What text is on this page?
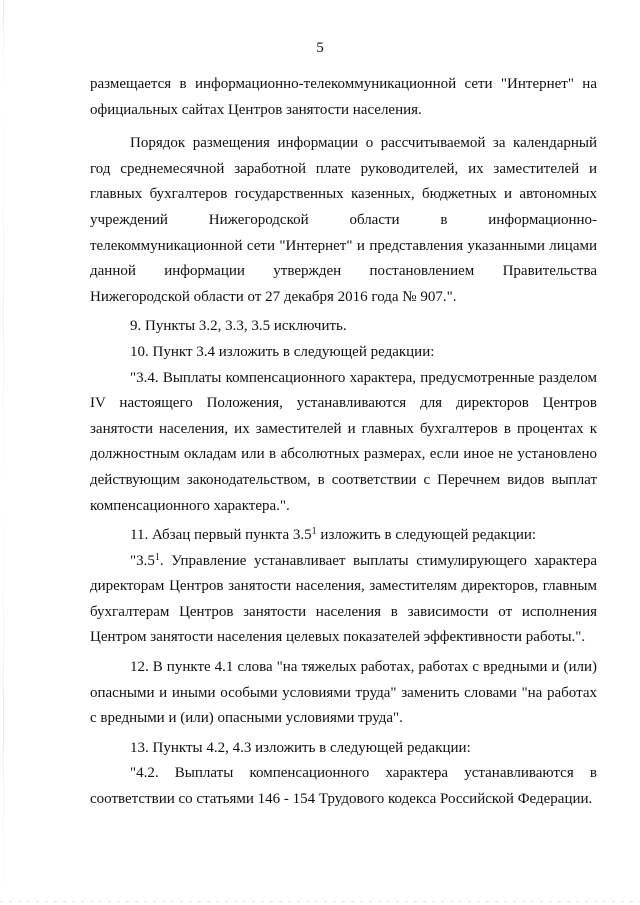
5

размещается в информационно-телекоммуникационной сети "Интернет" на
официальных сайтах Центров занятости населения.

Порядок размещения информации о рассчитываемой за календарный год среднемесячной заработной плате руководителей, их заместителей и главных бухгалтеров государственных казенных, бюджетных и автономных учреждений Нижегородской области в информационно-телекоммуникационной сети "Интернет" и представления указанными лицами данной информации утвержден постановлением Правительства Нижегородской области от 27 декабря 2016 года № 907.".

9. Пункты 3.2, 3.3, 3.5 исключить.

10. Пункт 3.4 изложить в следующей редакции:

"3.4. Выплаты компенсационного характера, предусмотренные разделом IV настоящего Положения, устанавливаются для директоров Центров занятости населения, их заместителей и главных бухгалтеров в процентах к должностным окладам или в абсолютных размерах, если иное не установлено действующим законодательством, в соответствии с Перечнем видов выплат компенсационного характера.".

11. Абзац первый пункта $3.5^1$ изложить в следующей редакции:

"$3.5^1$. Управление устанавливает выплаты стимулирующего характера директорам Центров занятости населения, заместителям директоров, главным бухгалтерам Центров занятости населения в зависимости от исполнения Центром занятости населения целевых показателей эффективности работы.".

12. В пункте 4.1 слова "на тяжелых работах, работах с вредными и (или) опасными и иными особыми условиями труда" заменить словами "на работах с вредными и (или) опасными условиями труда".

13. Пункты 4.2, 4.3 изложить в следующей редакции:

"4.2. Выплаты компенсационного характера устанавливаются в соответствии со статьями 146 - 154 Трудового кодекса Российской Федерации.
